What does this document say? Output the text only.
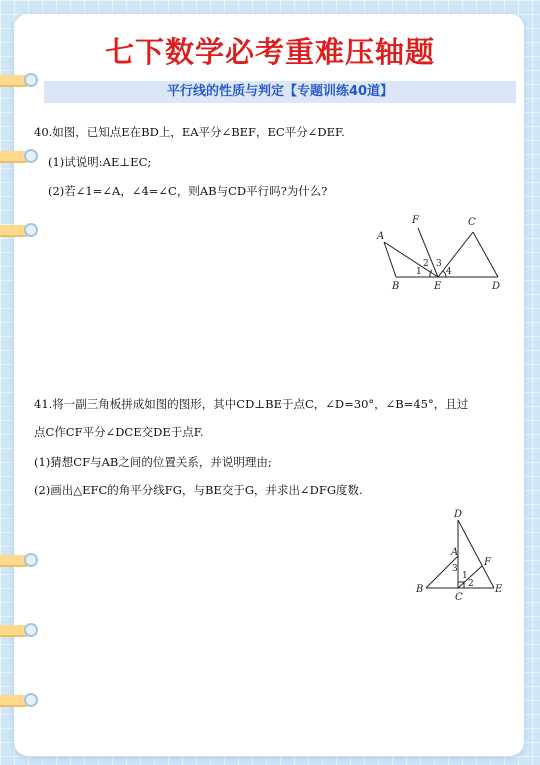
七下数学必考重难压轴题
平行线的性质与判定【专题训练40道】
40.如图，已知点E在BD上，EA平分∠BEF，EC平分∠DEF.
(1)试说明:AE⊥EC;
(2)若∠1=∠A，∠4=∠C，则AB与CD平行吗?为什么?
A
B
C
D
E
F
1
2 3
4
41.将一副三角板拼成如图的图形，其中CD⊥BE于点C，∠D=30°，∠B=45°，且过
点C作CF平分∠DCE交DE于点F.
(1)猜想CF与AB之间的位置关系，并说明理由;
(2)画出△EFC的角平分线FG，与BE交于G，并求出∠DFG度数.
D
A
F
B
C
E
1
2
3
